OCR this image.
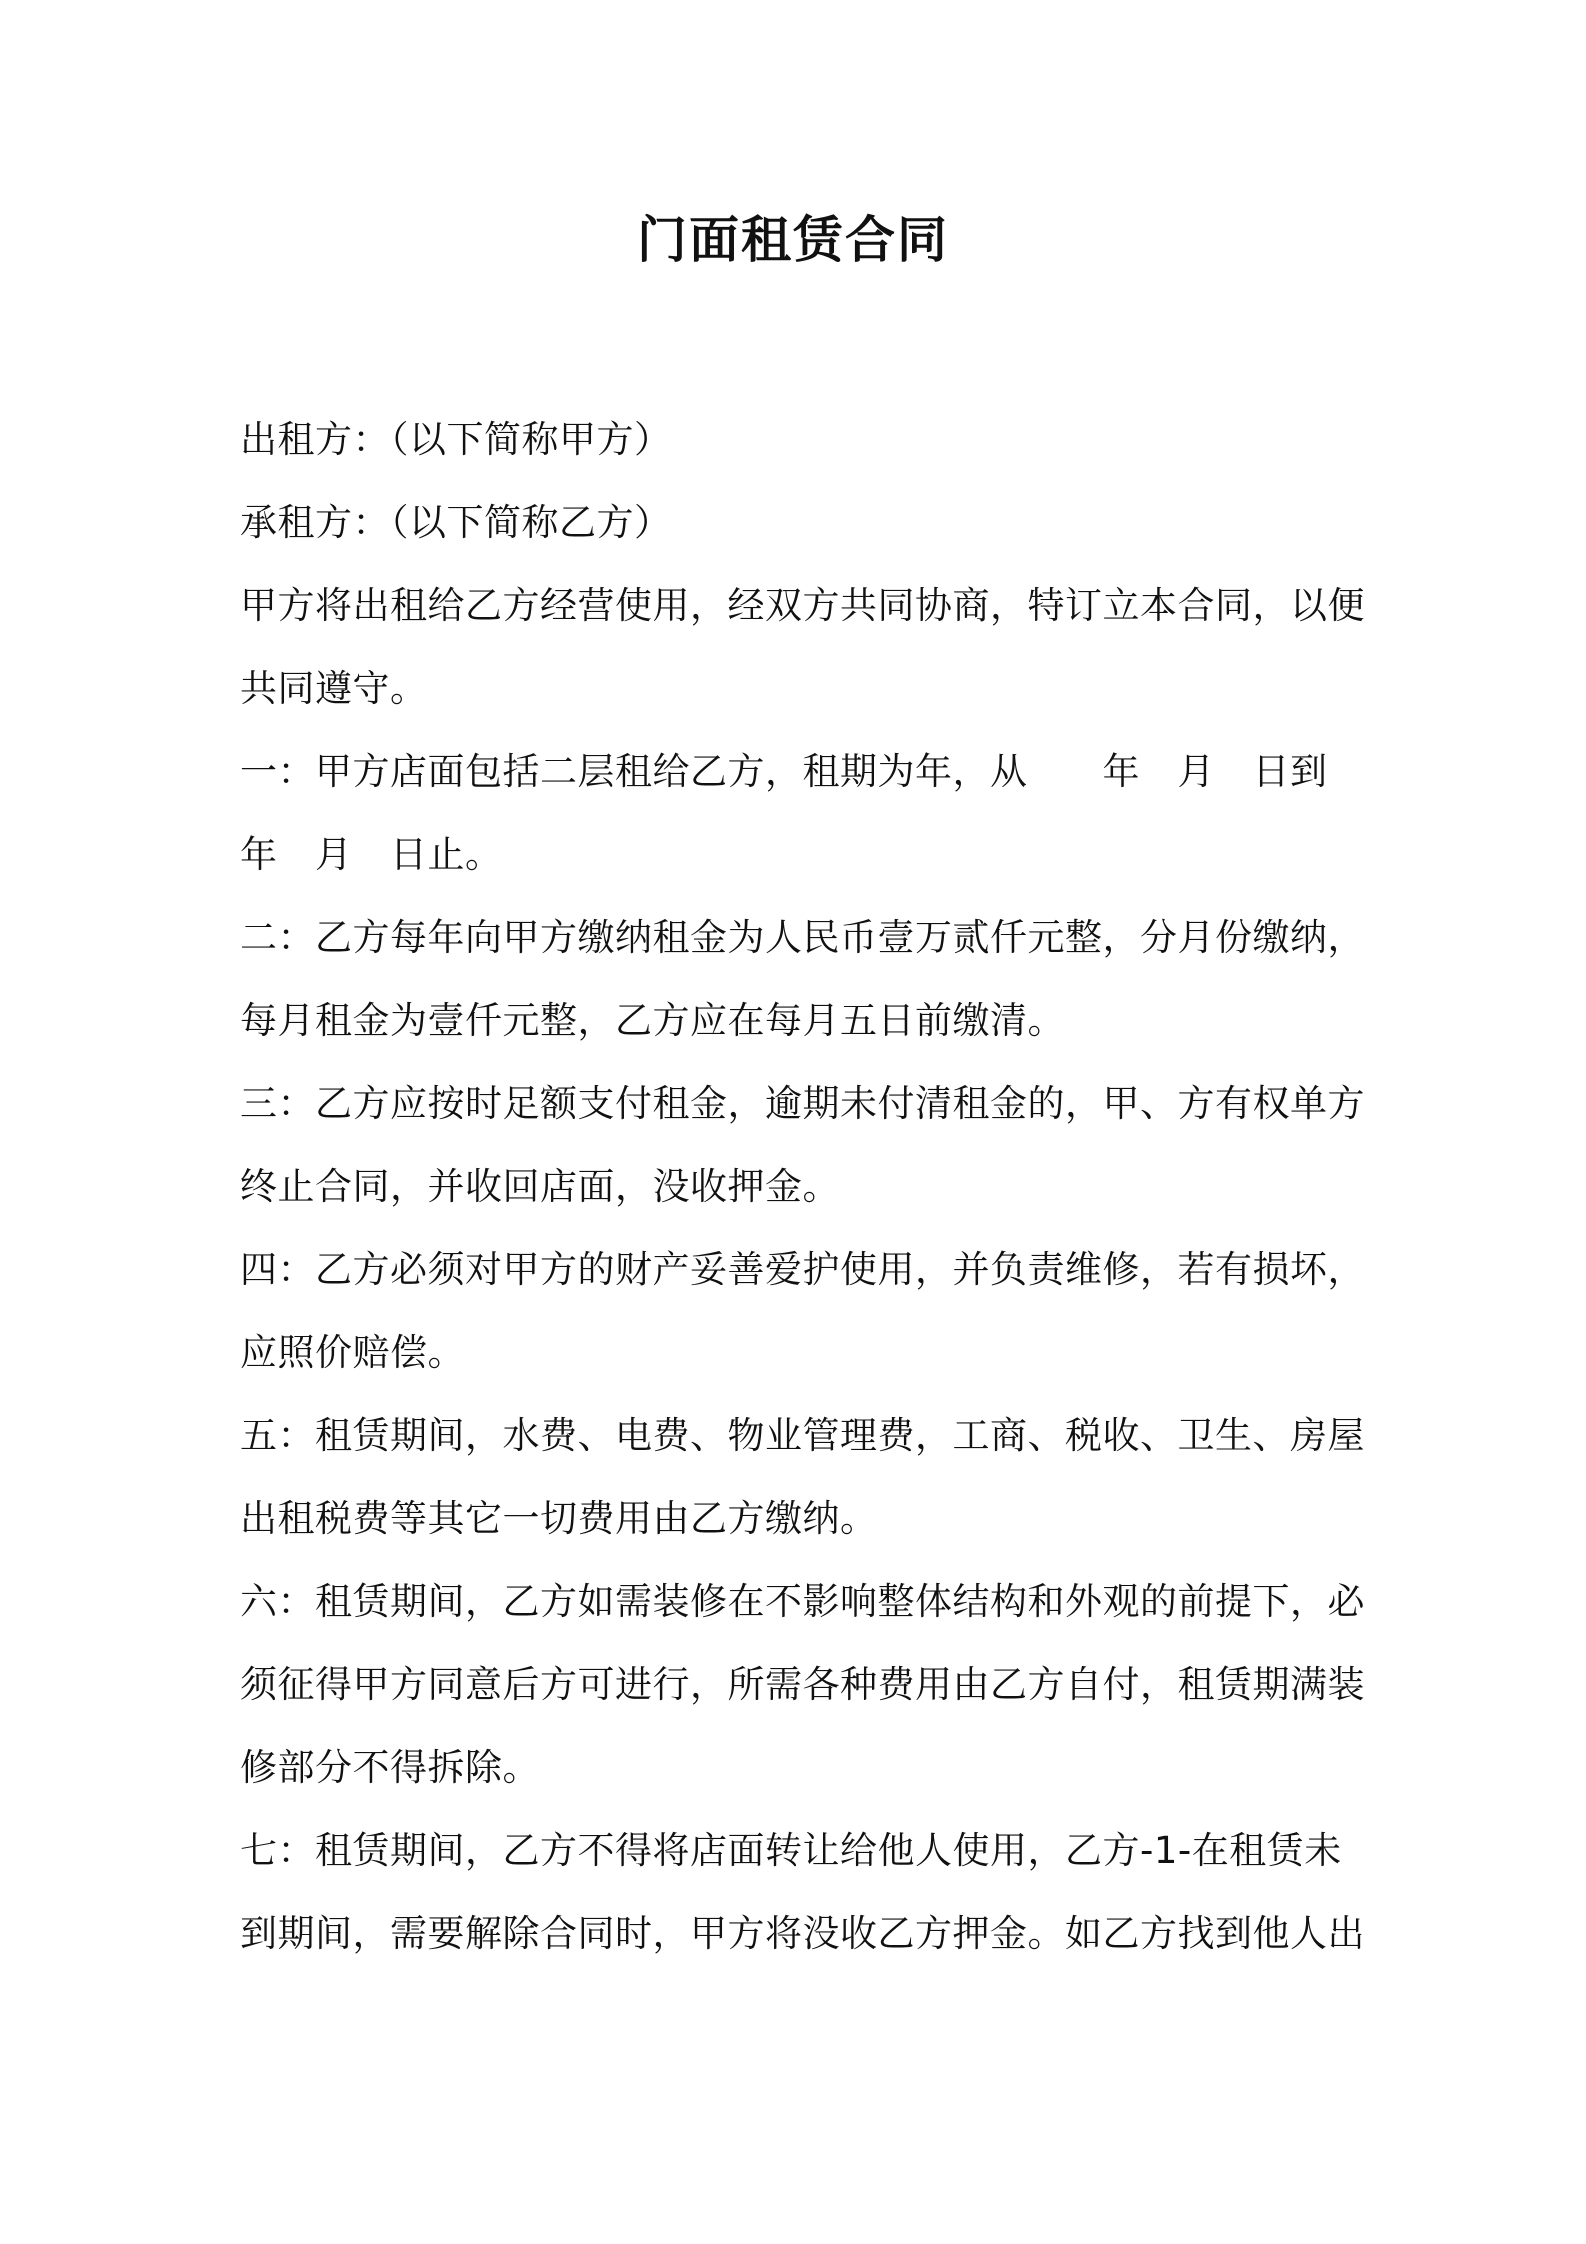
门面租赁合同
出租方：（以下简称甲方）
承租方：（以下简称乙方）
甲方将出租给乙方经营使用，经双方共同协商，特订立本合同，以便
共同遵守。
一：甲方店面包括二层租给乙方，租期为年，从　　年　月　日到
年　月　日止。
二：乙方每年向甲方缴纳租金为人民币壹万贰仟元整，分月份缴纳，
每月租金为壹仟元整，乙方应在每月五日前缴清。
三：乙方应按时足额支付租金，逾期未付清租金的，甲、方有权单方
终止合同，并收回店面，没收押金。
四：乙方必须对甲方的财产妥善爱护使用，并负责维修，若有损坏，
应照价赔偿。
五：租赁期间，水费、电费、物业管理费，工商、税收、卫生、房屋
出租税费等其它一切费用由乙方缴纳。
六：租赁期间，乙方如需装修在不影响整体结构和外观的前提下，必
须征得甲方同意后方可进行，所需各种费用由乙方自付，租赁期满装
修部分不得拆除。
七：租赁期间，乙方不得将店面转让给他人使用，乙方-1-在租赁未
到期间，需要解除合同时，甲方将没收乙方押金。如乙方找到他人出
